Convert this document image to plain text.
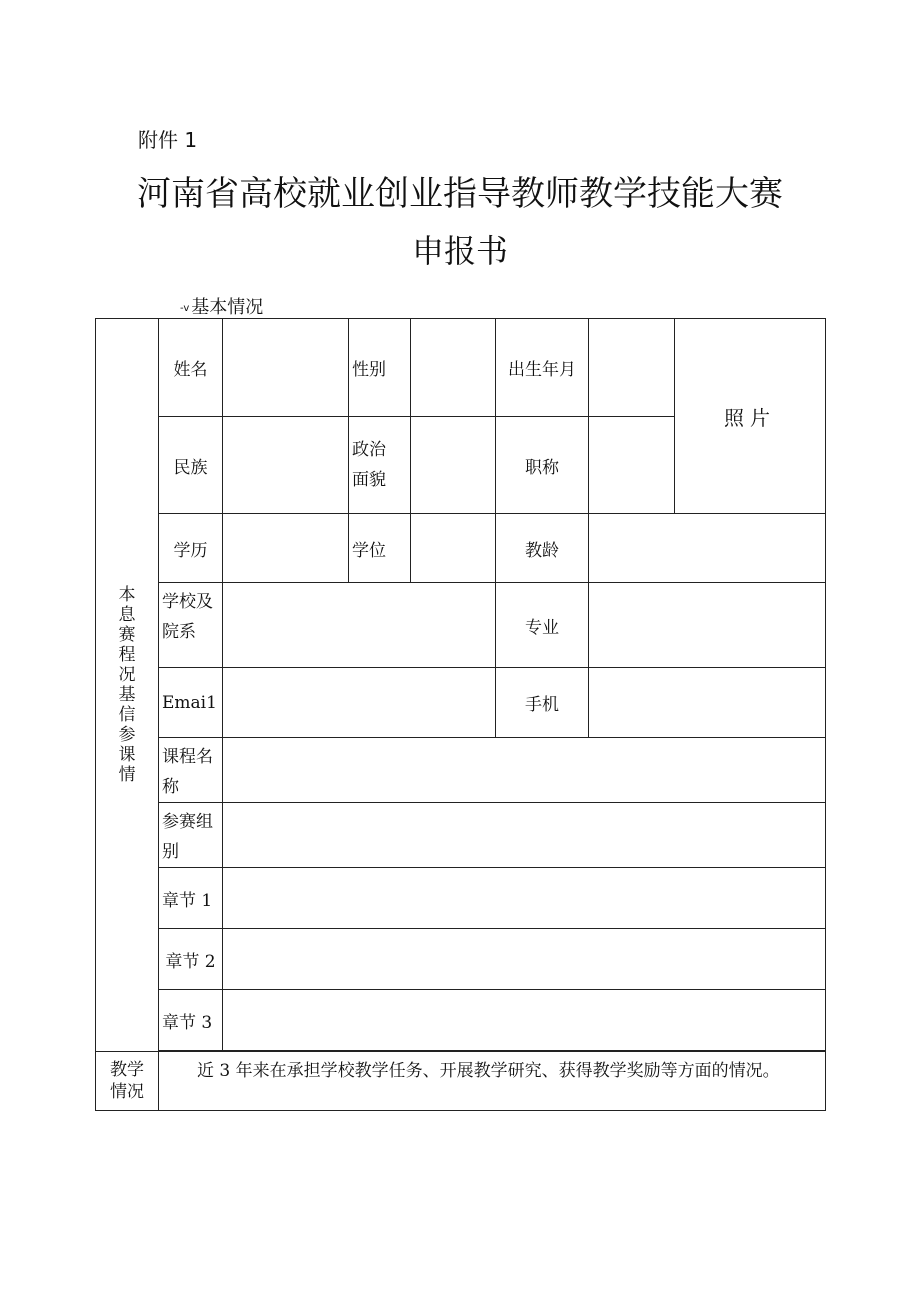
附件 1
河南省高校就业创业指导教师教学技能大赛
申报书
-v 基本情况
本息赛程况基信参课情	姓名		性别		出生年月		照片
	民族		政治面貌		职称		
	学历		学位		教龄		
	学校及院系				专业		
	Emai1				手机		
	课程名称						
	参赛组别						
	章节 1						
	章节 2						
	章节 3						

教学情况	近 3 年来在承担学校教学任务、开展教学研究、获得教学奖励等方面的情况。						
